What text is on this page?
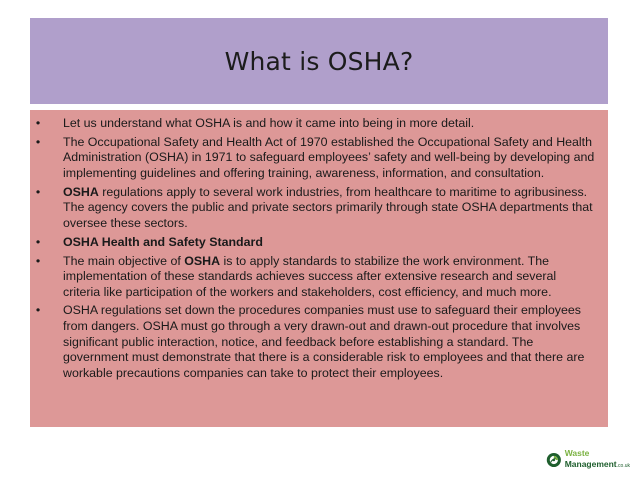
What is OSHA?
•	Let us understand what OSHA is and how it came into being in more detail.
•	The Occupational Safety and Health Act of 1970 established the Occupational Safety and Health Administration (OSHA) in 1971 to safeguard employees’ safety and well-being by developing and implementing guidelines and offering training, awareness, information, and consultation.
•	OSHA regulations apply to several work industries, from healthcare to maritime to agribusiness. The agency covers the public and private sectors primarily through state OSHA departments that oversee these sectors.
•	OSHA Health and Safety Standard
•	The main objective of OSHA is to apply standards to stabilize the work environment. The implementation of these standards achieves success after extensive research and several criteria like participation of the workers and stakeholders, cost efficiency, and much more.
•	OSHA regulations set down the procedures companies must use to safeguard their employees from dangers. OSHA must go through a very drawn-out and drawn-out procedure that involves significant public interaction, notice, and feedback before establishing a standard. The government must demonstrate that there is a considerable risk to employees and that there are workable precautions companies can take to protect their employees.
Waste
Management.co.uk
